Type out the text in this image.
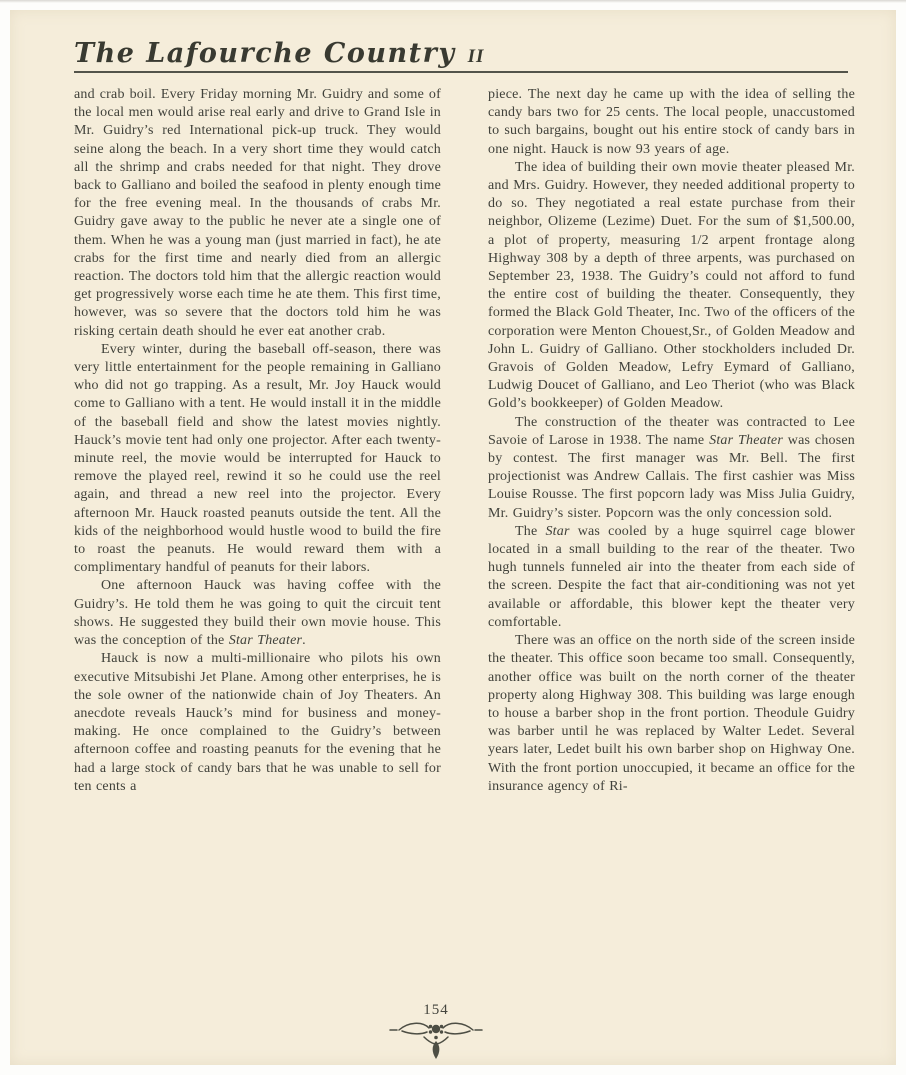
The Lafourche Country II

and crab boil. Every Friday morning Mr. Guidry and some of the local men would arise real early and drive to Grand Isle in Mr. Guidry’s red International pick-up truck. They would seine along the beach. In a very short time they would catch all the shrimp and crabs needed for that night. They drove back to Galliano and boiled the seafood in plenty enough time for the free evening meal. In the thousands of crabs Mr. Guidry gave away to the public he never ate a single one of them. When he was a young man (just married in fact), he ate crabs for the first time and nearly died from an allergic reaction. The doctors told him that the allergic reaction would get progressively worse each time he ate them. This first time, however, was so severe that the doctors told him he was risking certain death should he ever eat another crab.

Every winter, during the baseball off-season, there was very little entertainment for the people remaining in Galliano who did not go trapping. As a result, Mr. Joy Hauck would come to Galliano with a tent. He would install it in the middle of the baseball field and show the latest movies nightly. Hauck’s movie tent had only one projector. After each twenty-minute reel, the movie would be interrupted for Hauck to remove the played reel, rewind it so he could use the reel again, and thread a new reel into the projector. Every afternoon Mr. Hauck roasted peanuts outside the tent. All the kids of the neighborhood would hustle wood to build the fire to roast the peanuts. He would reward them with a complimentary handful of peanuts for their labors.

One afternoon Hauck was having coffee with the Guidry’s. He told them he was going to quit the circuit tent shows. He suggested they build their own movie house. This was the conception of the Star Theater.

Hauck is now a multi-millionaire who pilots his own executive Mitsubishi Jet Plane. Among other enterprises, he is the sole owner of the nationwide chain of Joy Theaters. An anecdote reveals Hauck’s mind for business and money-making. He once complained to the Guidry’s between afternoon coffee and roasting peanuts for the evening that he had a large stock of candy bars that he was unable to sell for ten cents a

piece. The next day he came up with the idea of selling the candy bars two for 25 cents. The local people, unaccustomed to such bargains, bought out his entire stock of candy bars in one night. Hauck is now 93 years of age.

The idea of building their own movie theater pleased Mr. and Mrs. Guidry. However, they needed additional property to do so. They negotiated a real estate purchase from their neighbor, Olizeme (Lezime) Duet. For the sum of $1,500.00, a plot of property, measuring 1/2 arpent frontage along Highway 308 by a depth of three arpents, was purchased on September 23, 1938. The Guidry’s could not afford to fund the entire cost of building the theater. Consequently, they formed the Black Gold Theater, Inc. Two of the officers of the corporation were Menton Chouest,Sr., of Golden Meadow and John L. Guidry of Galliano. Other stockholders included Dr. Gravois of Golden Meadow, Lefry Eymard of Galliano, Ludwig Doucet of Galliano, and Leo Theriot (who was Black Gold’s bookkeeper) of Golden Meadow.

The construction of the theater was contracted to Lee Savoie of Larose in 1938. The name Star Theater was chosen by contest. The first manager was Mr. Bell. The first projectionist was Andrew Callais. The first cashier was Miss Louise Rousse. The first popcorn lady was Miss Julia Guidry, Mr. Guidry’s sister. Popcorn was the only concession sold.

The Star was cooled by a huge squirrel cage blower located in a small building to the rear of the theater. Two hugh tunnels funneled air into the theater from each side of the screen. Despite the fact that air-conditioning was not yet available or affordable, this blower kept the theater very comfortable.

There was an office on the north side of the screen inside the theater. This office soon became too small. Consequently, another office was built on the north corner of the theater property along Highway 308. This building was large enough to house a barber shop in the front portion. Theodule Guidry was barber until he was replaced by Walter Ledet. Several years later, Ledet built his own barber shop on Highway One. With the front portion unoccupied, it became an office for the insurance agency of Ri-

154
